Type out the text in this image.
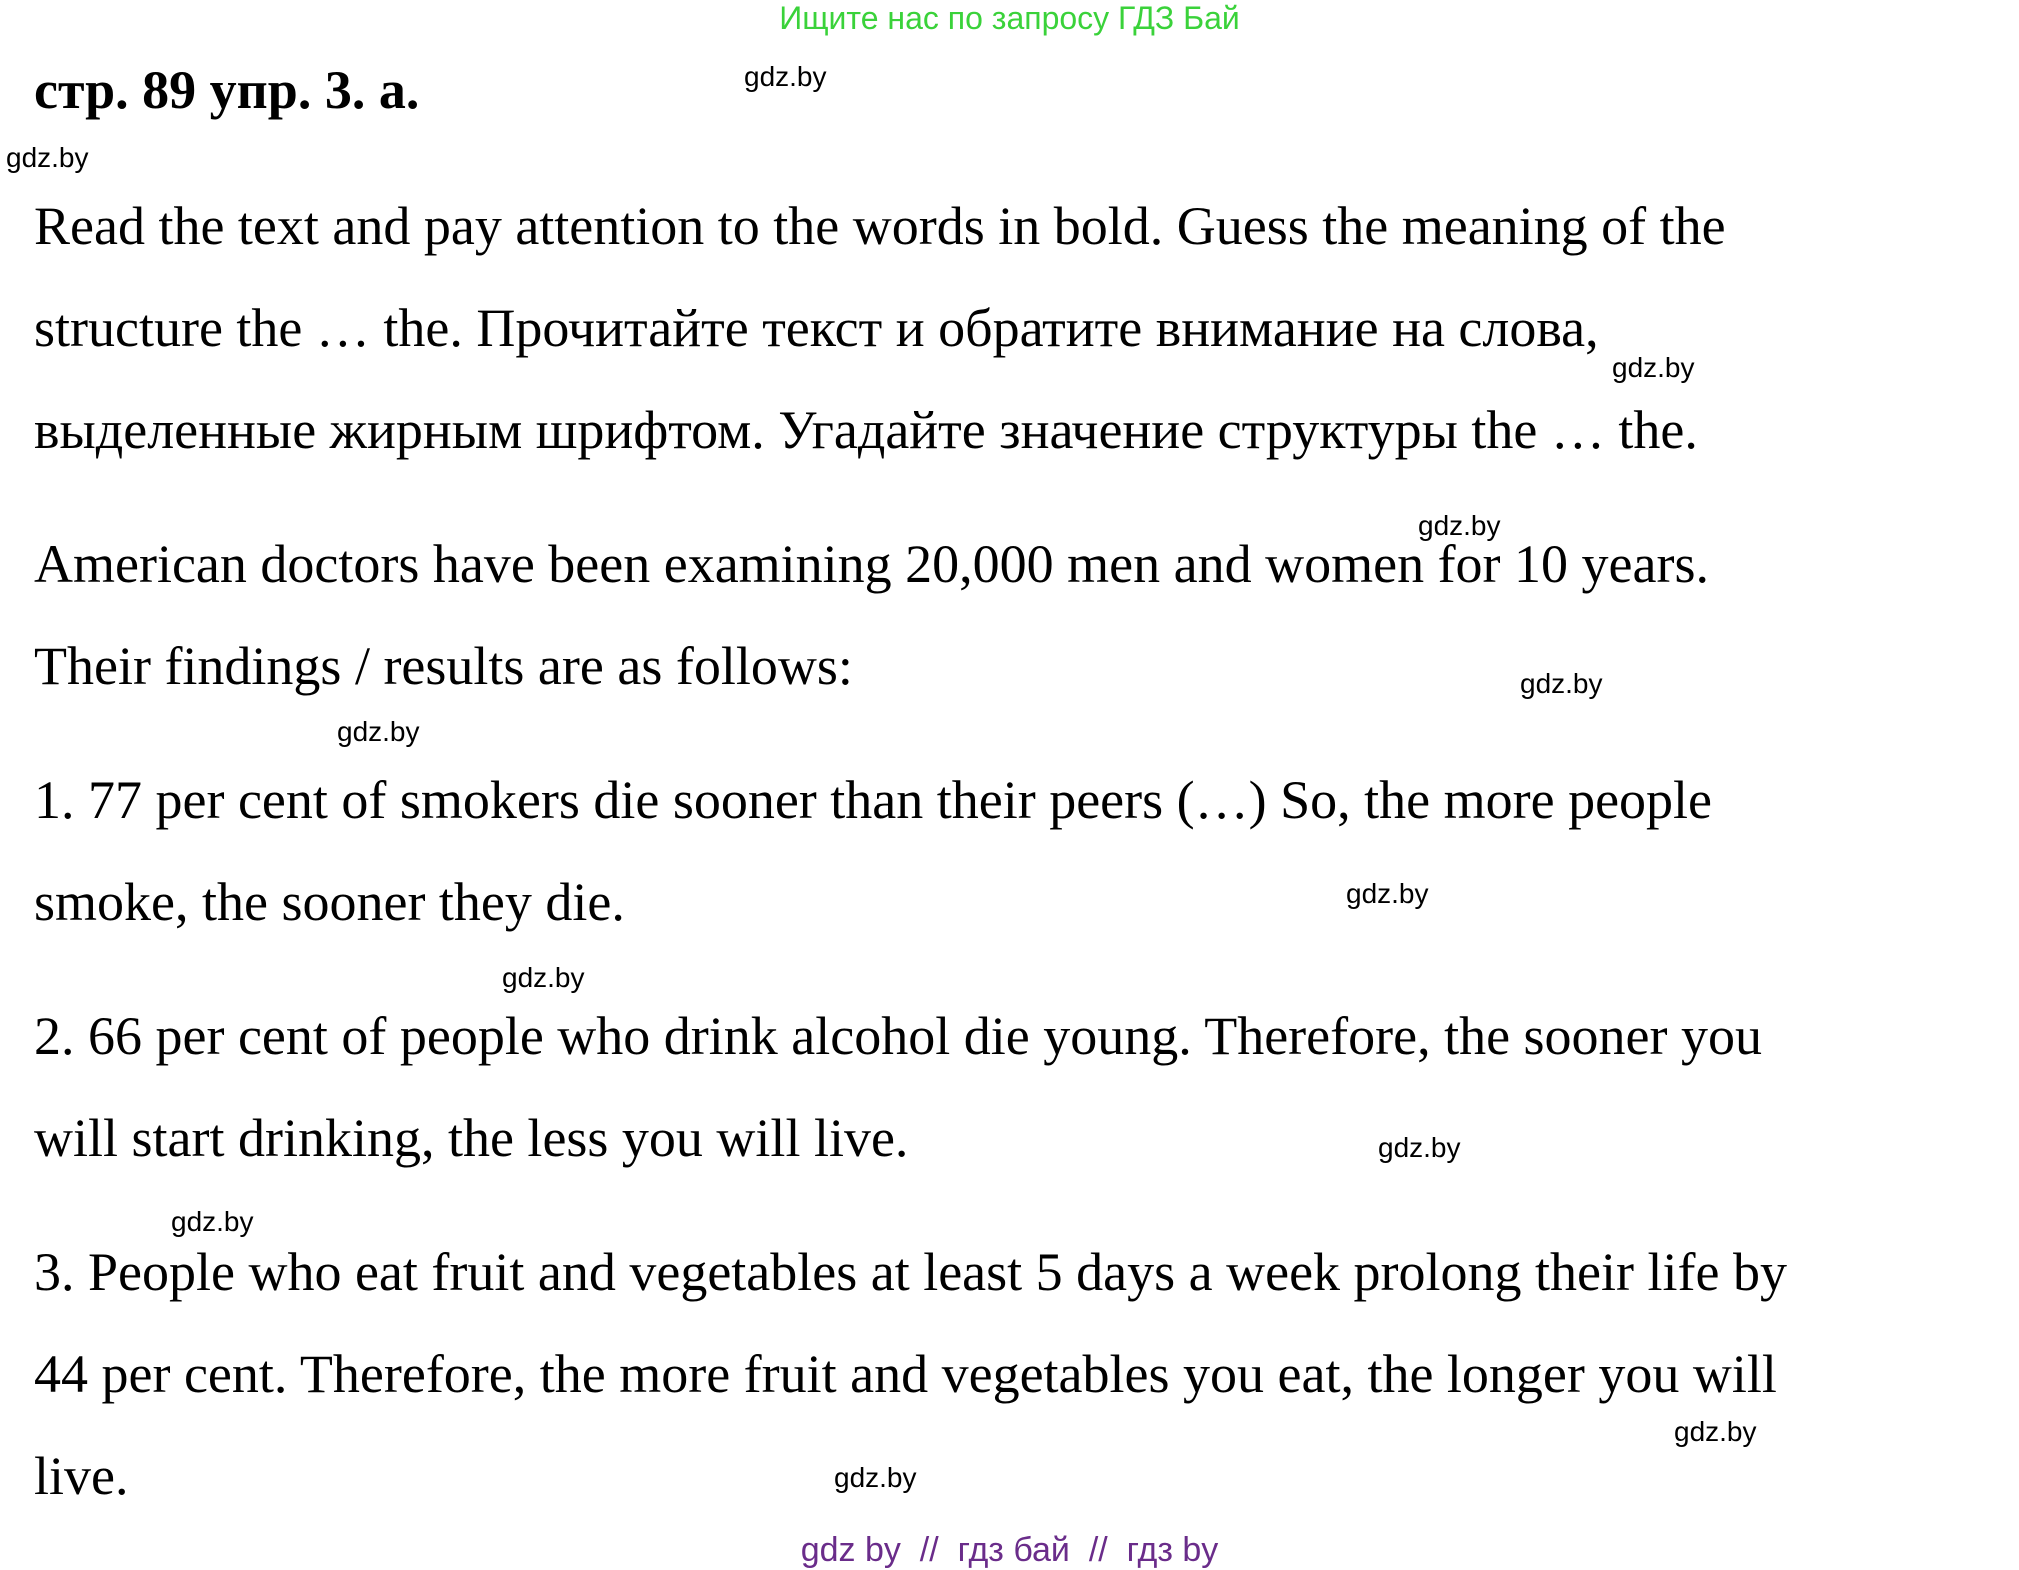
Ищите нас по запросу ГДЗ Бай
стр. 89 упр. 3. а.
Read the text and pay attention to the words in bold. Guess the meaning of the
structure the … the. Прочитайте текст и обратите внимание на слова,
выделенные жирным шрифтом. Угадайте значение структуры the … the.
American doctors have been examining 20,000 men and women for 10 years.
Their findings / results are as follows:
1. 77 per cent of smokers die sooner than their peers (…) So, the more people
smoke, the sooner they die.
2. 66 per cent of people who drink alcohol die young. Therefore, the sooner you
will start drinking, the less you will live.
3. People who eat fruit and vegetables at least 5 days a week prolong their life by
44 per cent. Therefore, the more fruit and vegetables you eat, the longer you will
live.
gdz.by
gdz.by
gdz.by
gdz.by
gdz.by
gdz.by
gdz.by
gdz.by
gdz.by
gdz.by
gdz.by
gdz.by
gdz by  //  гдз бай  //  гдз by
